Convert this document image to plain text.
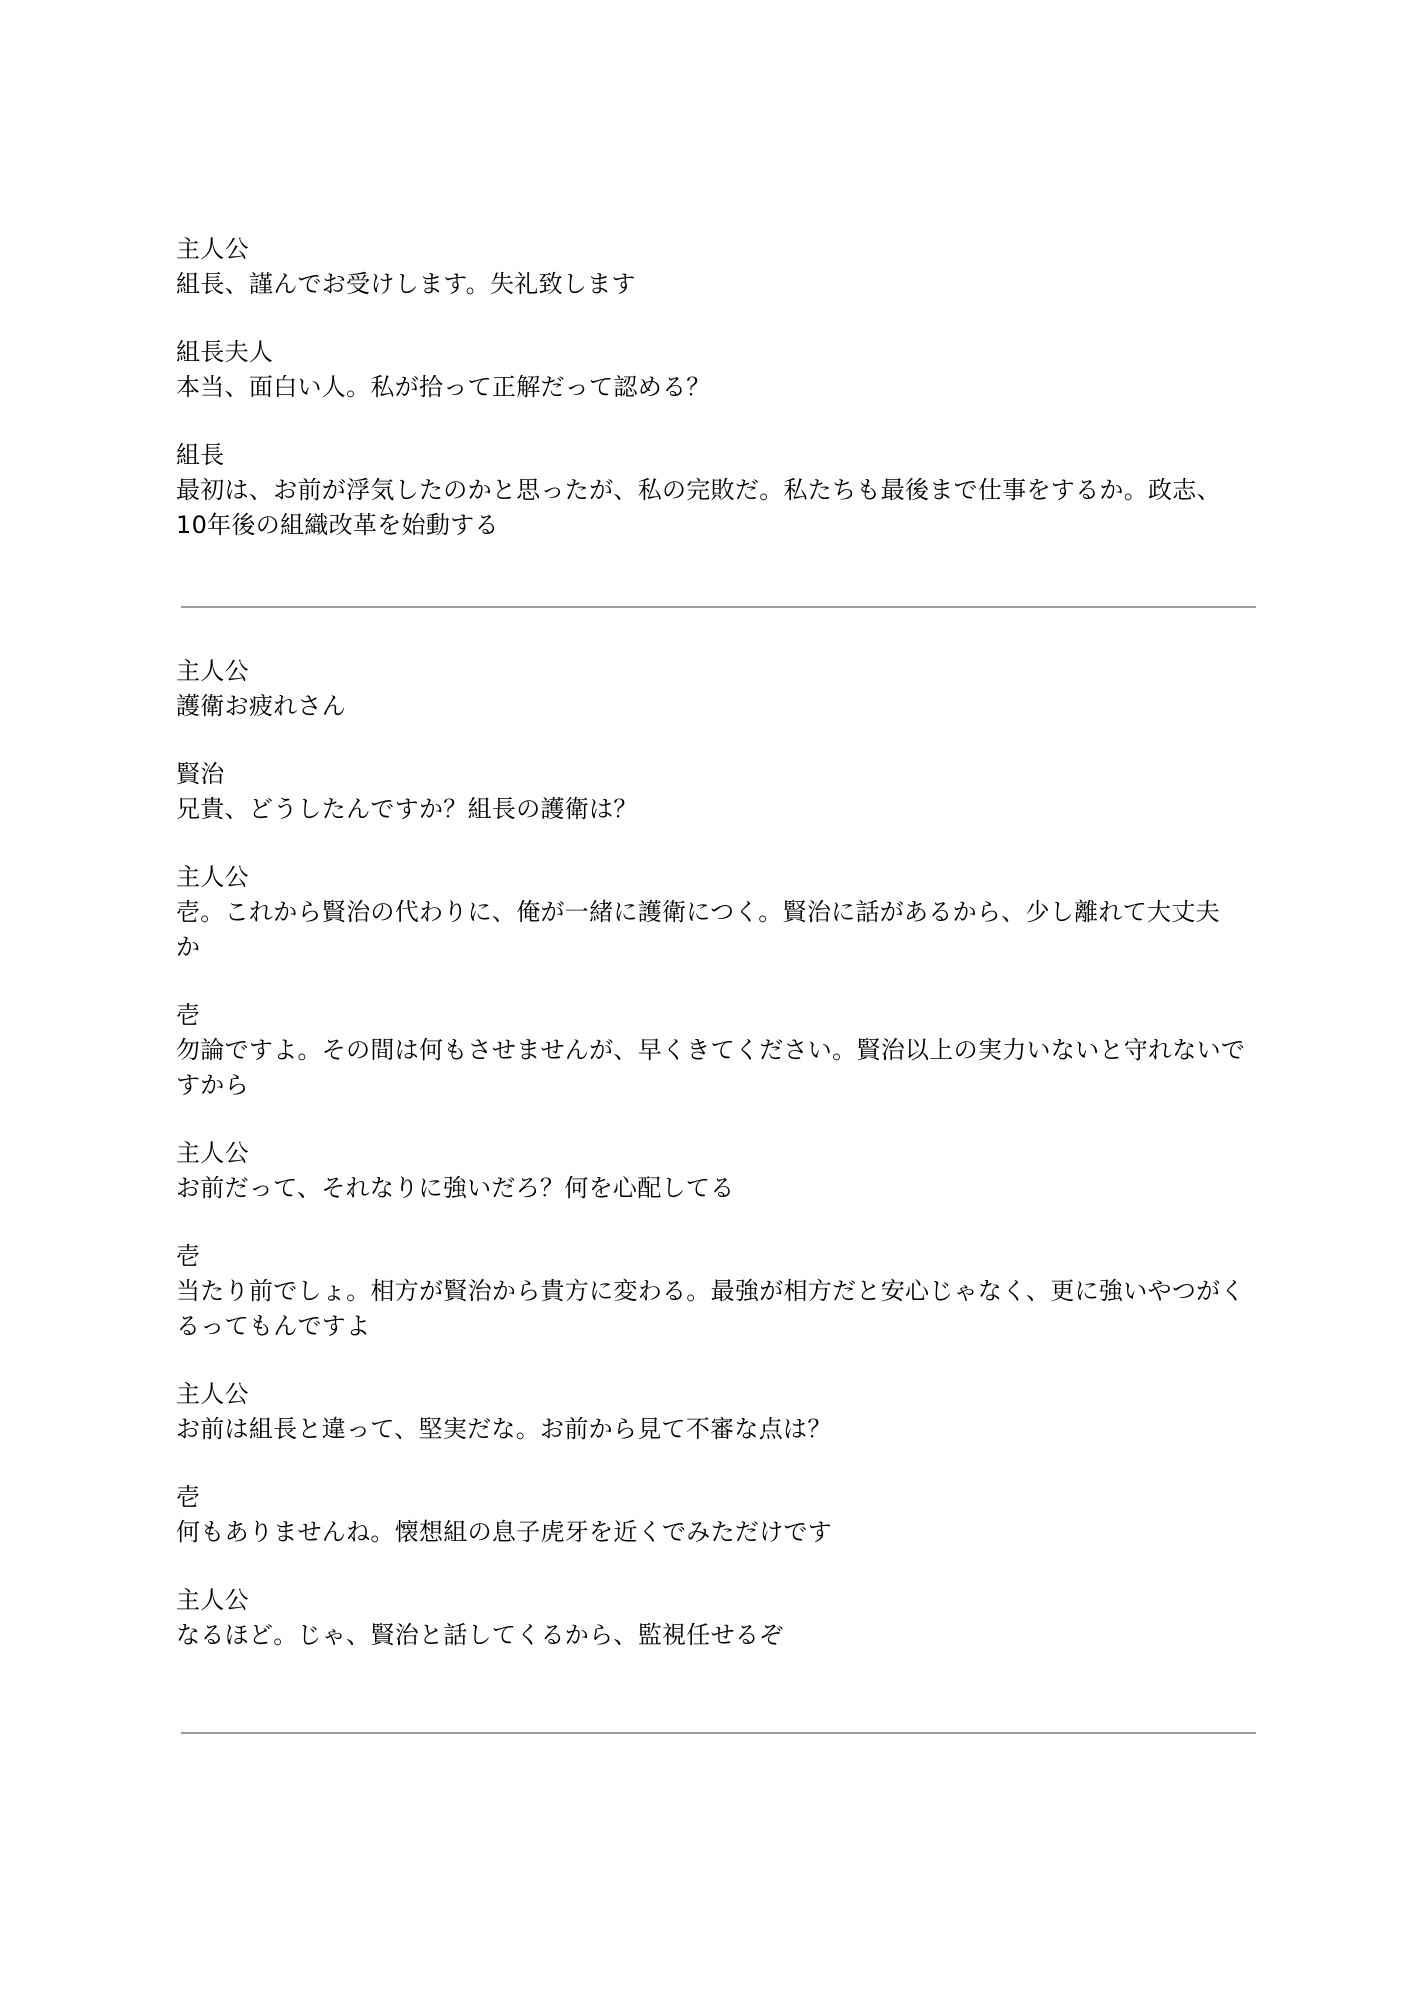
主人公
組長、謹んでお受けします。失礼致します
組長夫人
本当、面白い人。私が拾って正解だって認める？
組長
最初は、お前が浮気したのかと思ったが、私の完敗だ。私たちも最後まで仕事をするか。政志、
10年後の組織改革を始動する
主人公
護衛お疲れさん
賢治
兄貴、どうしたんですか？組長の護衛は？
主人公
壱。これから賢治の代わりに、俺が一緒に護衛につく。賢治に話があるから、少し離れて大丈夫
か
壱
勿論ですよ。その間は何もさせませんが、早くきてください。賢治以上の実力いないと守れないで
すから
主人公
お前だって、それなりに強いだろ？何を心配してる
壱
当たり前でしょ。相方が賢治から貴方に変わる。最強が相方だと安心じゃなく、更に強いやつがく
るってもんですよ
主人公
お前は組長と違って、堅実だな。お前から見て不審な点は？
壱
何もありませんね。懐想組の息子虎牙を近くでみただけです
主人公
なるほど。じゃ、賢治と話してくるから、監視任せるぞ
